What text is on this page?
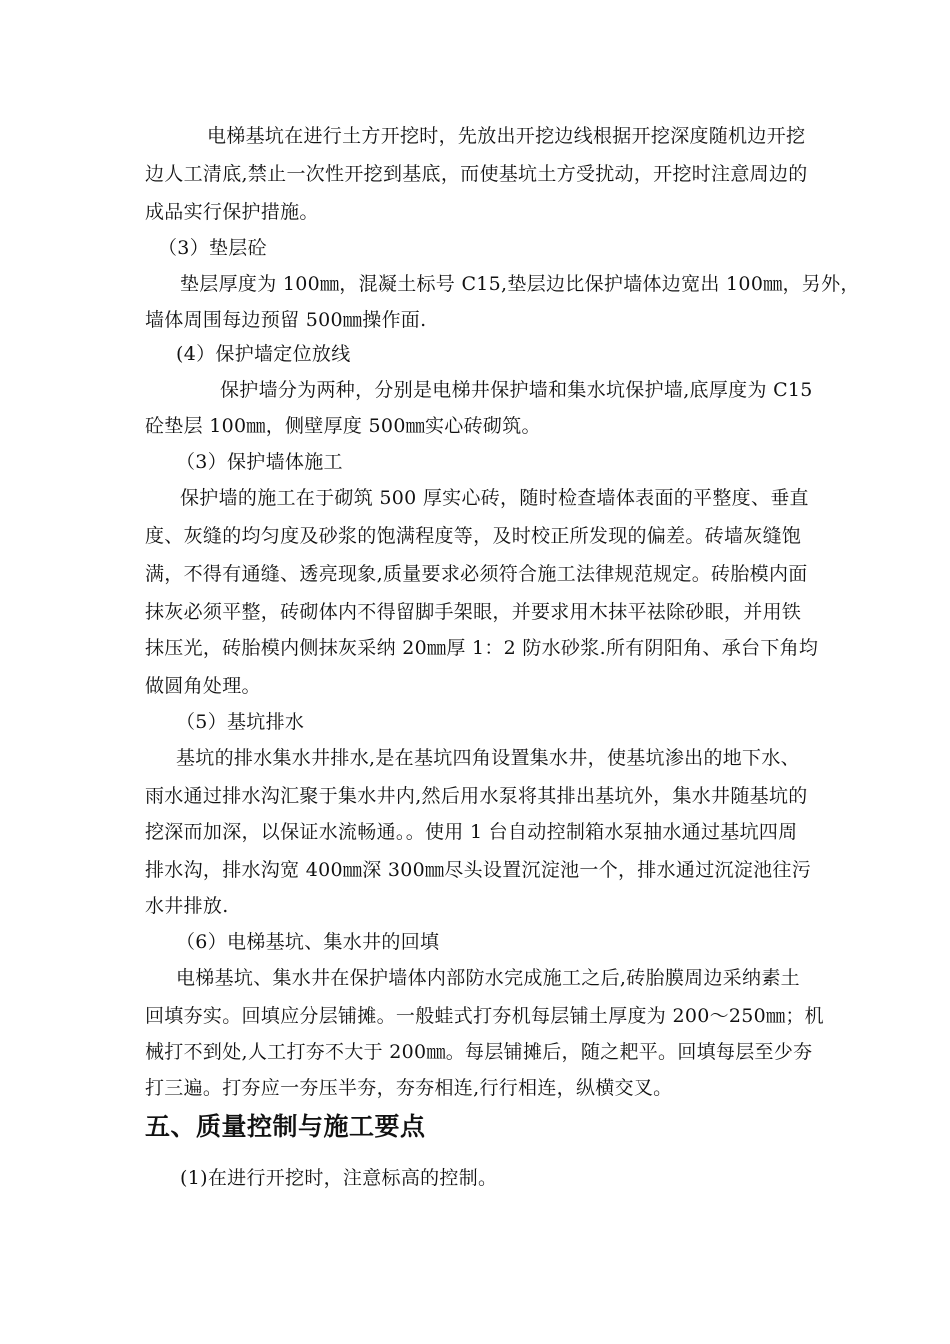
电梯基坑在进行土方开挖时，先放出开挖边线根据开挖深度随机边开挖
边人工清底,禁止一次性开挖到基底，而使基坑土方受扰动，开挖时注意周边的
成品实行保护措施。
（3）垫层砼
垫层厚度为 100㎜，混凝土标号 C15,垫层边比保护墙体边宽出 100㎜，另外，
墙体周围每边预留 500㎜操作面.
(4）保护墙定位放线
保护墙分为两种，分别是电梯井保护墙和集水坑保护墙,底厚度为 C15
砼垫层 100㎜，侧壁厚度 500㎜实心砖砌筑。
（3）保护墙体施工
保护墙的施工在于砌筑 500 厚实心砖，随时检查墙体表面的平整度、垂直
度、灰缝的均匀度及砂浆的饱满程度等，及时校正所发现的偏差。砖墙灰缝饱
满，不得有通缝、透亮现象,质量要求必须符合施工法律规范规定。砖胎模内面
抹灰必须平整，砖砌体内不得留脚手架眼，并要求用木抹平祛除砂眼，并用铁
抹压光，砖胎模内侧抹灰采纳 20㎜厚 1：2 防水砂浆.所有阴阳角、承台下角均
做圆角处理。
（5）基坑排水
基坑的排水集水井排水,是在基坑四角设置集水井，使基坑渗出的地下水、
雨水通过排水沟汇聚于集水井内,然后用水泵将其排出基坑外，集水井随基坑的
挖深而加深，以保证水流畅通。。使用 1 台自动控制箱水泵抽水通过基坑四周
排水沟，排水沟宽 400㎜深 300㎜尽头设置沉淀池一个，排水通过沉淀池往污
水井排放.
（6）电梯基坑、集水井的回填
电梯基坑、集水井在保护墙体内部防水完成施工之后,砖胎膜周边采纳素土
回填夯实。回填应分层铺摊。一般蛙式打夯机每层铺土厚度为 200～250㎜；机
械打不到处,人工打夯不大于 200㎜。每层铺摊后，随之耙平。回填每层至少夯
打三遍。打夯应一夯压半夯，夯夯相连,行行相连，纵横交叉。
五、质量控制与施工要点
(1)在进行开挖时，注意标高的控制。
